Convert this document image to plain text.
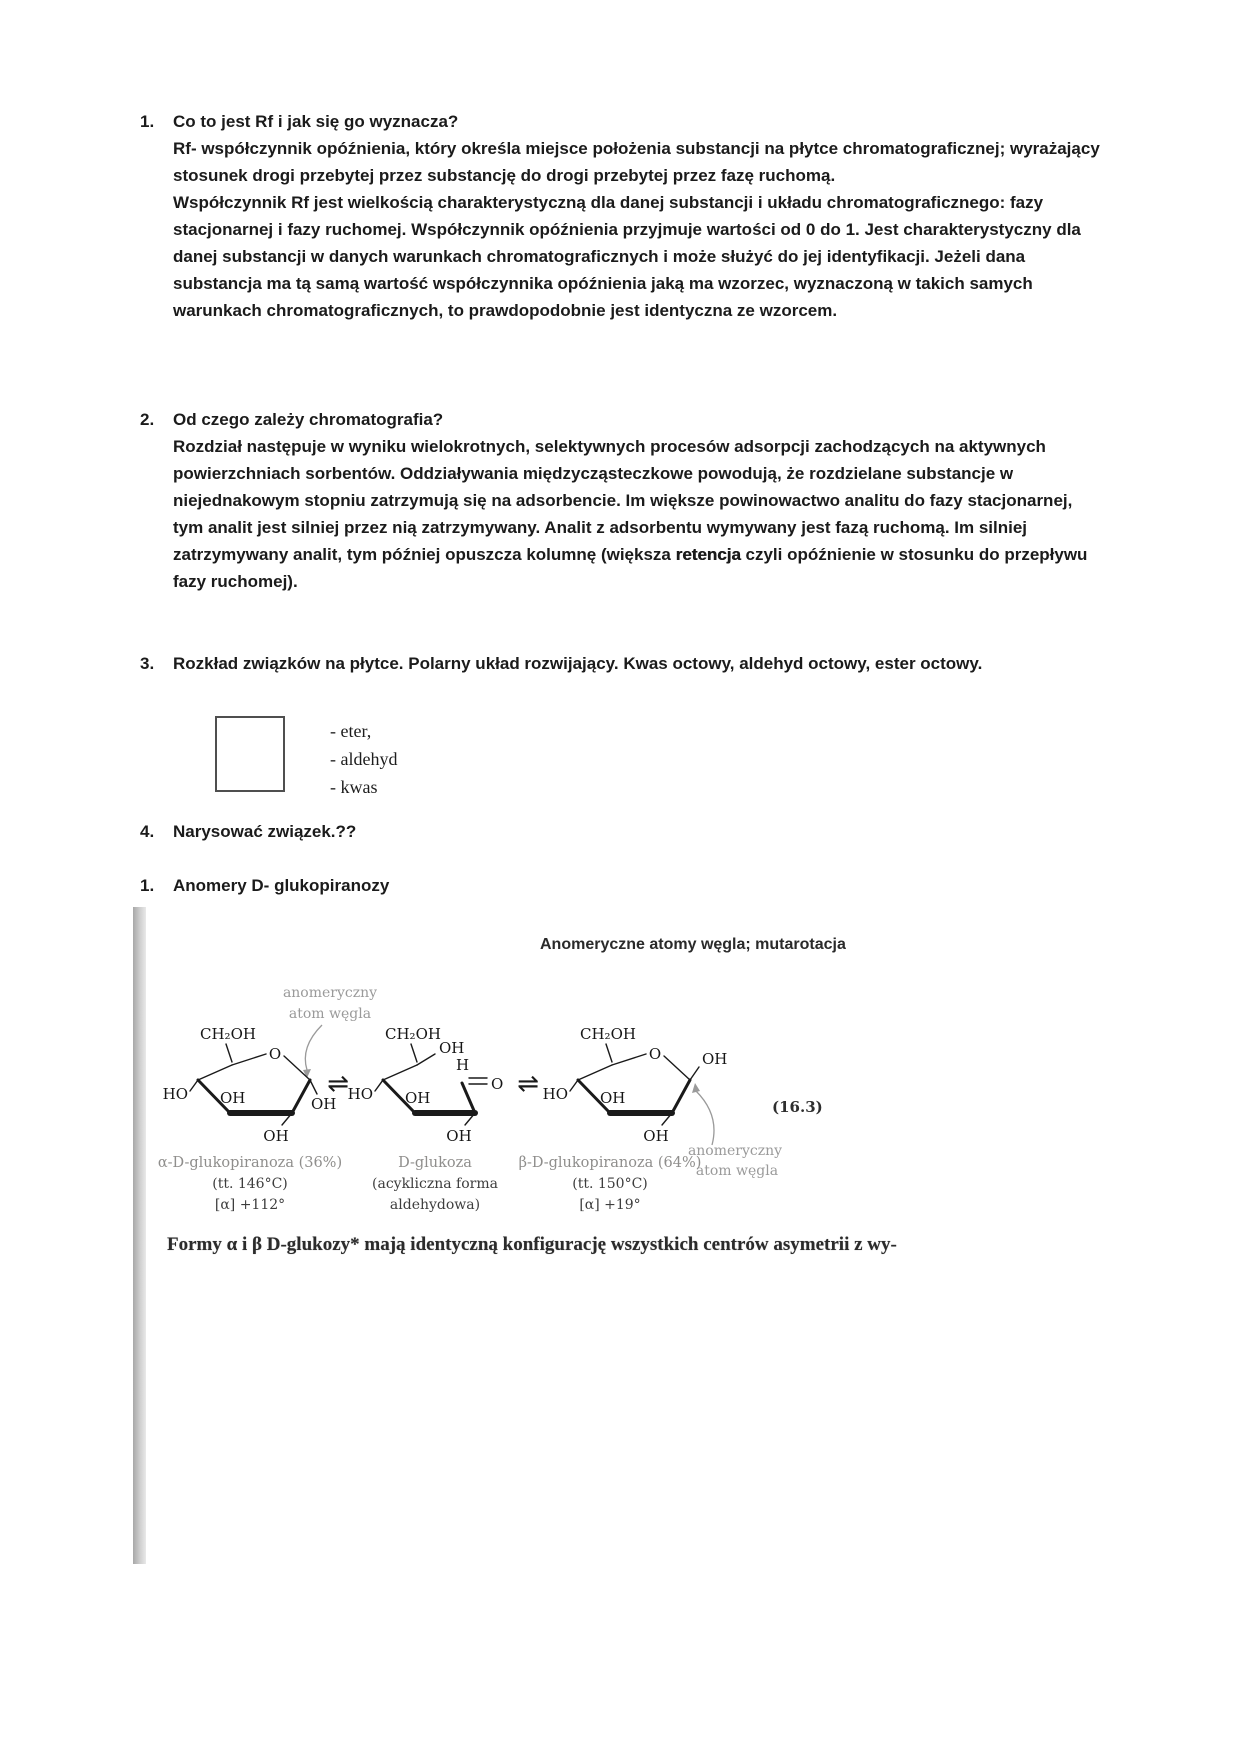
1.	Co to jest Rf i jak się go wyznacza?

Rf- współczynnik opóźnienia, który określa miejsce położenia substancji na płytce chromatograficznej; wyrażający stosunek drogi przebytej przez substancję do drogi przebytej przez fazę ruchomą.

Współczynnik Rf jest wielkością charakterystyczną dla danej substancji i układu chromatograficznego: fazy stacjonarnej i fazy ruchomej. Współczynnik opóźnienia przyjmuje wartości od 0 do 1. Jest charakterystyczny dla danej substancji w danych warunkach chromatograficznych i może służyć do jej identyfikacji. Jeżeli dana substancja ma tą samą wartość współczynnika opóźnienia jaką ma wzorzec, wyznaczoną w takich samych warunkach chromatograficznych, to prawdopodobnie jest identyczna ze wzorcem.

2.	Od czego zależy chromatografia?

Rozdział następuje w wyniku wielokrotnych, selektywnych procesów adsorpcji zachodzących na aktywnych powierzchniach sorbentów. Oddziaływania międzycząsteczkowe powodują, że rozdzielane substancje w niejednakowym stopniu zatrzymują się na adsorbencie. Im większe powinowactwo analitu do fazy stacjonarnej, tym analit jest silniej przez nią zatrzymywany. Analit z adsorbentu wymywany jest fazą ruchomą. Im silniej zatrzymywany analit, tym później opuszcza kolumnę (większa retencja czyli opóźnienie w stosunku do przepływu fazy ruchomej).

3.	Rozkład związków na płytce. Polarny układ rozwijający. Kwas octowy, aldehyd octowy, ester octowy.
- eter,
- aldehyd
- kwas
4.	Narysować związek.??
1.	Anomery D- glukopiranozy
Anomeryczne atomy węgla; mutarotacja
anomeryczny
atom węgla
CH₂OH
O
HO OH	OH
OH
⇌
CH₂OH
OH
H
O
HO OH
OH
⇌
CH₂OH
O
HO OH
OH
OH
anomeryczny
atom węgla
(16.3)
α-D-glukopiranoza (36%)
(tt. 146°C)
[α] +112°
D-glukoza
(acykliczna forma
aldehydowa)
β-D-glukopiranoza (64%)
(tt. 150°C)
[α] +19°
Formy α i β D-glukozy* mają identyczną konfigurację wszystkich centrów asymetrii z wy-
